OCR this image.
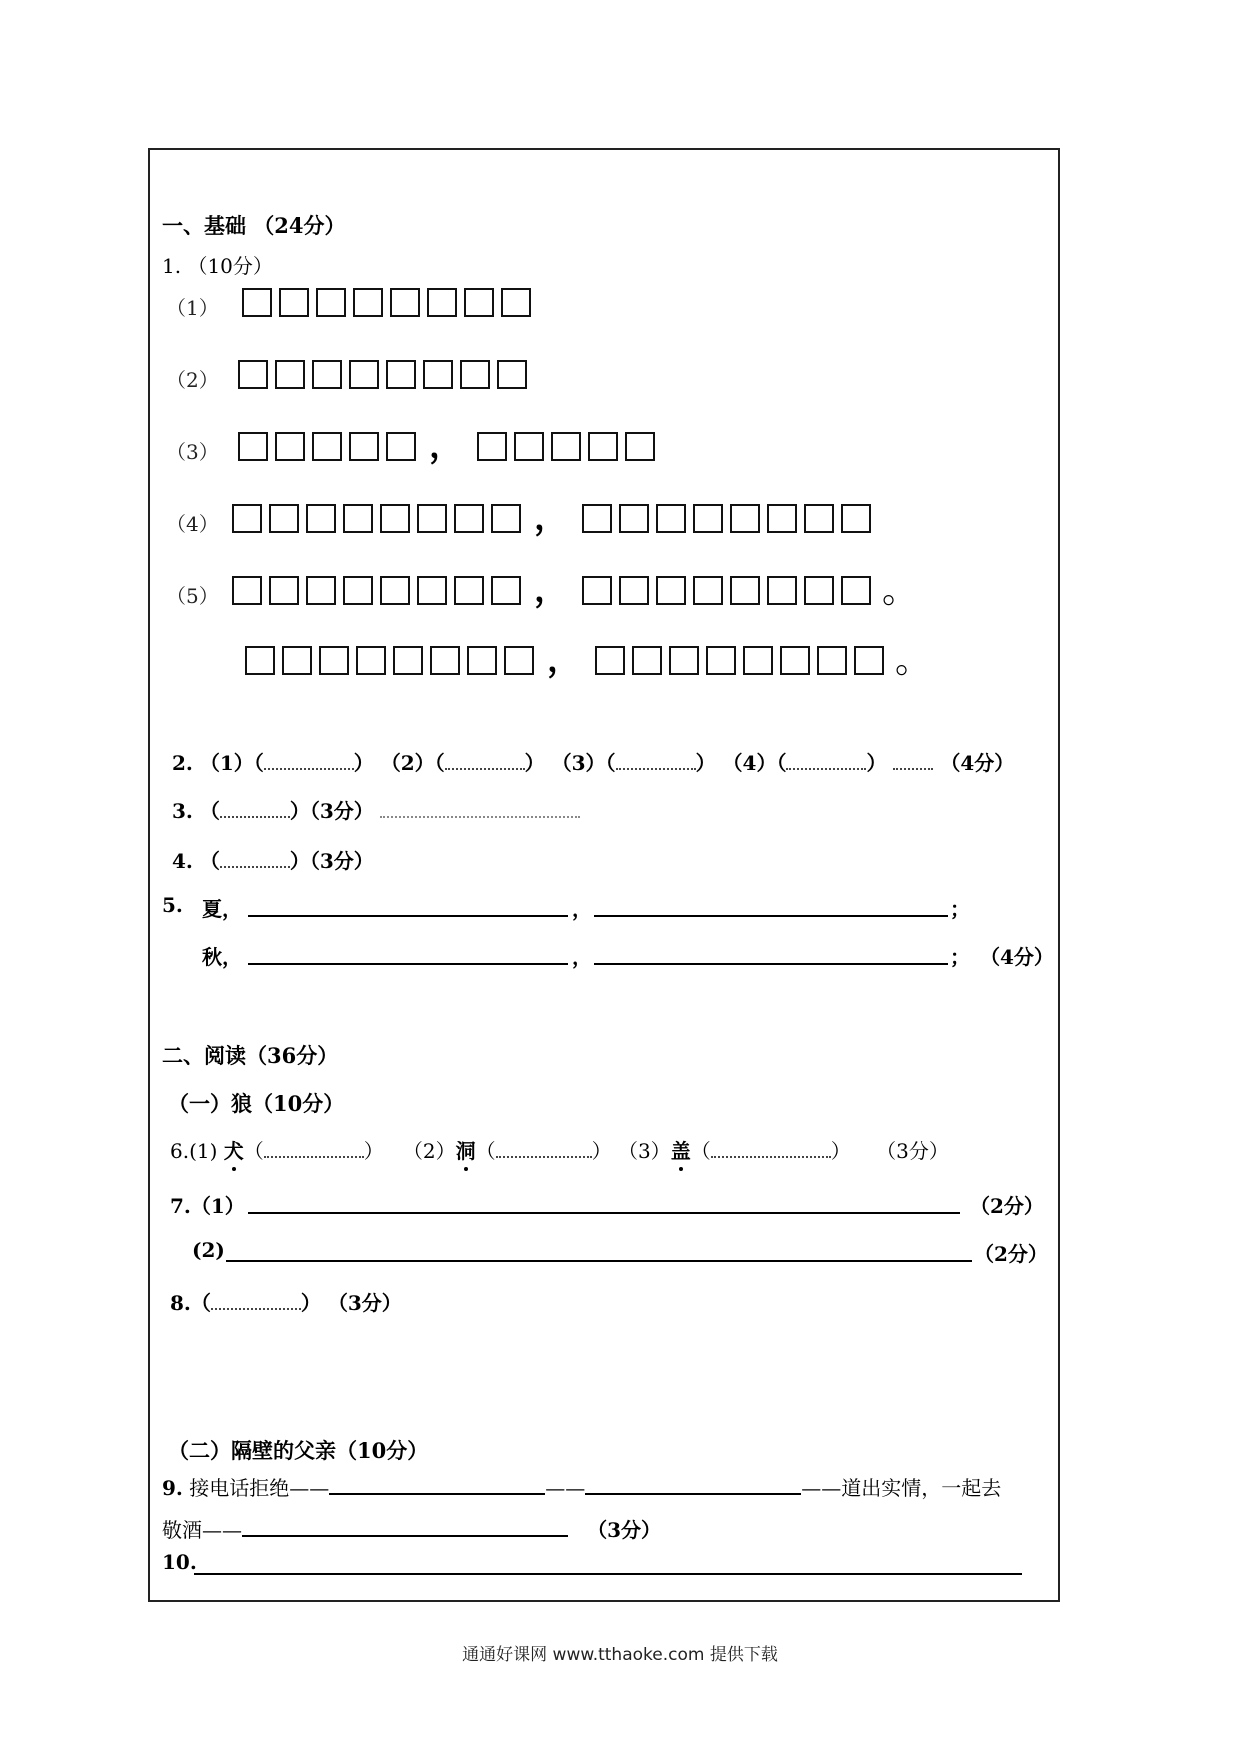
一、基础 （24分）
1. （10分）
（1）
（2）
（3）	，
（4）	，
（5）	，	。
，	。
2. （1）（	） （2）（	） （3）（	） （4）（	）	（4分）
3. （	）（3分）
4. （	）（3分）
5. 夏，	，	；
秋，	，	； （4分）
二、阅读（36分）
（一）狼（10分）
6.(1) 犬（	） （2）洞（	） （3）盖（	） （3分）
7.（1）	（2分）
(2)	（2分）
8.（	） （3分）
（二）隔壁的父亲（10分）
9. 接电话拒绝——	——	——道出实情，一起去
敬酒——	（3分）
10.
通通好课网 www.tthaoke.com 提供下载
